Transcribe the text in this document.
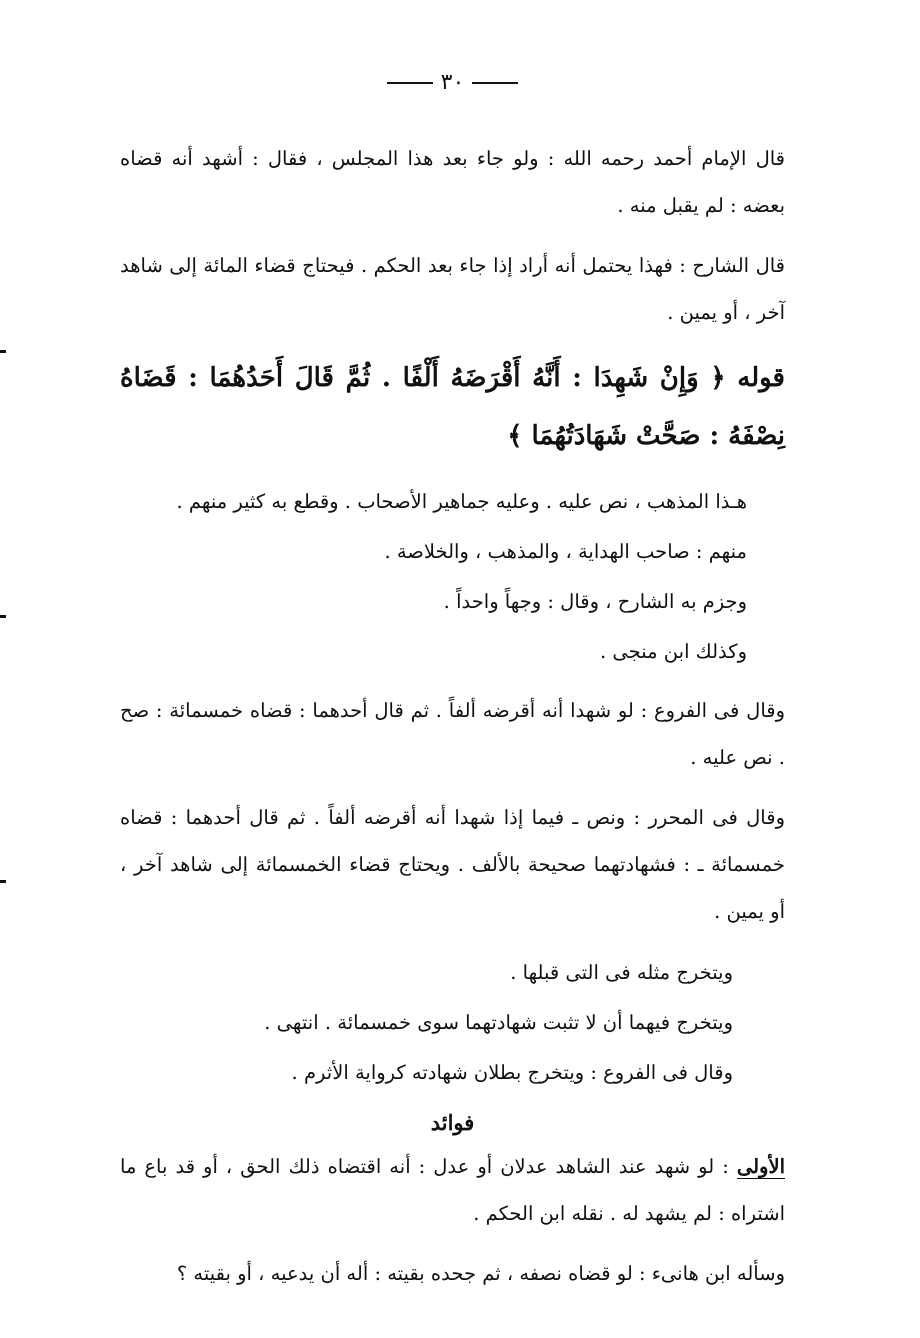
٣٠

قال الإمام أحمد رحمه الله : ولو جاء بعد هذا المجلس ، فقال : أشهد أنه قضاه بعضه : لم يقبل منه .

قال الشارح : فهذا يحتمل أنه أراد إذا جاء بعد الحكم . فيحتاج قضاء المائة إلى شاهد آخر ، أو يمين .

قوله ﴿ وَإِنْ شَهِدَا : أَنَّهُ أَقْرَضَهُ أَلْفًا . ثُمَّ قَالَ أَحَدُهُمَا : قَضَاهُ نِصْفَهُ : صَحَّتْ شَهَادَتُهُمَا ﴾

هـذا المذهب ، نص عليه . وعليه جماهير الأصحاب . وقطع به كثير منهم .

منهم : صاحب الهداية ، والمذهب ، والخلاصة .

وجزم به الشارح ، وقال : وجهاً واحداً .

وكذلك ابن منجى .

وقال فى الفروع : لو شهدا أنه أقرضه ألفاً . ثم قال أحدهما : قضاه خمسمائة : صح . نص عليه .

وقال فى المحرر : ونص ـ فيما إذا شهدا أنه أقرضه ألفاً . ثم قال أحدهما : قضاه خمسمائة ـ : فشهادتهما صحيحة بالألف . ويحتاج قضاء الخمسمائة إلى شاهد آخر ، أو يمين .

ويتخرج مثله فى التى قبلها .

ويتخرج فيهما أن لا تثبت شهادتهما سوى خمسمائة . انتهى .

وقال فى الفروع : ويتخرج بطلان شهادته كرواية الأثرم .

فوائد

الأولى : لو شهد عند الشاهد عدلان أو عدل : أنه اقتضاه ذلك الحق ، أو قد باع ما اشتراه : لم يشهد له . نقله ابن الحكم .

وسأله ابن هانىء : لو قضاه نصفه ، ثم جحده بقيته : أله أن يدعيه ، أو بقيته ؟
